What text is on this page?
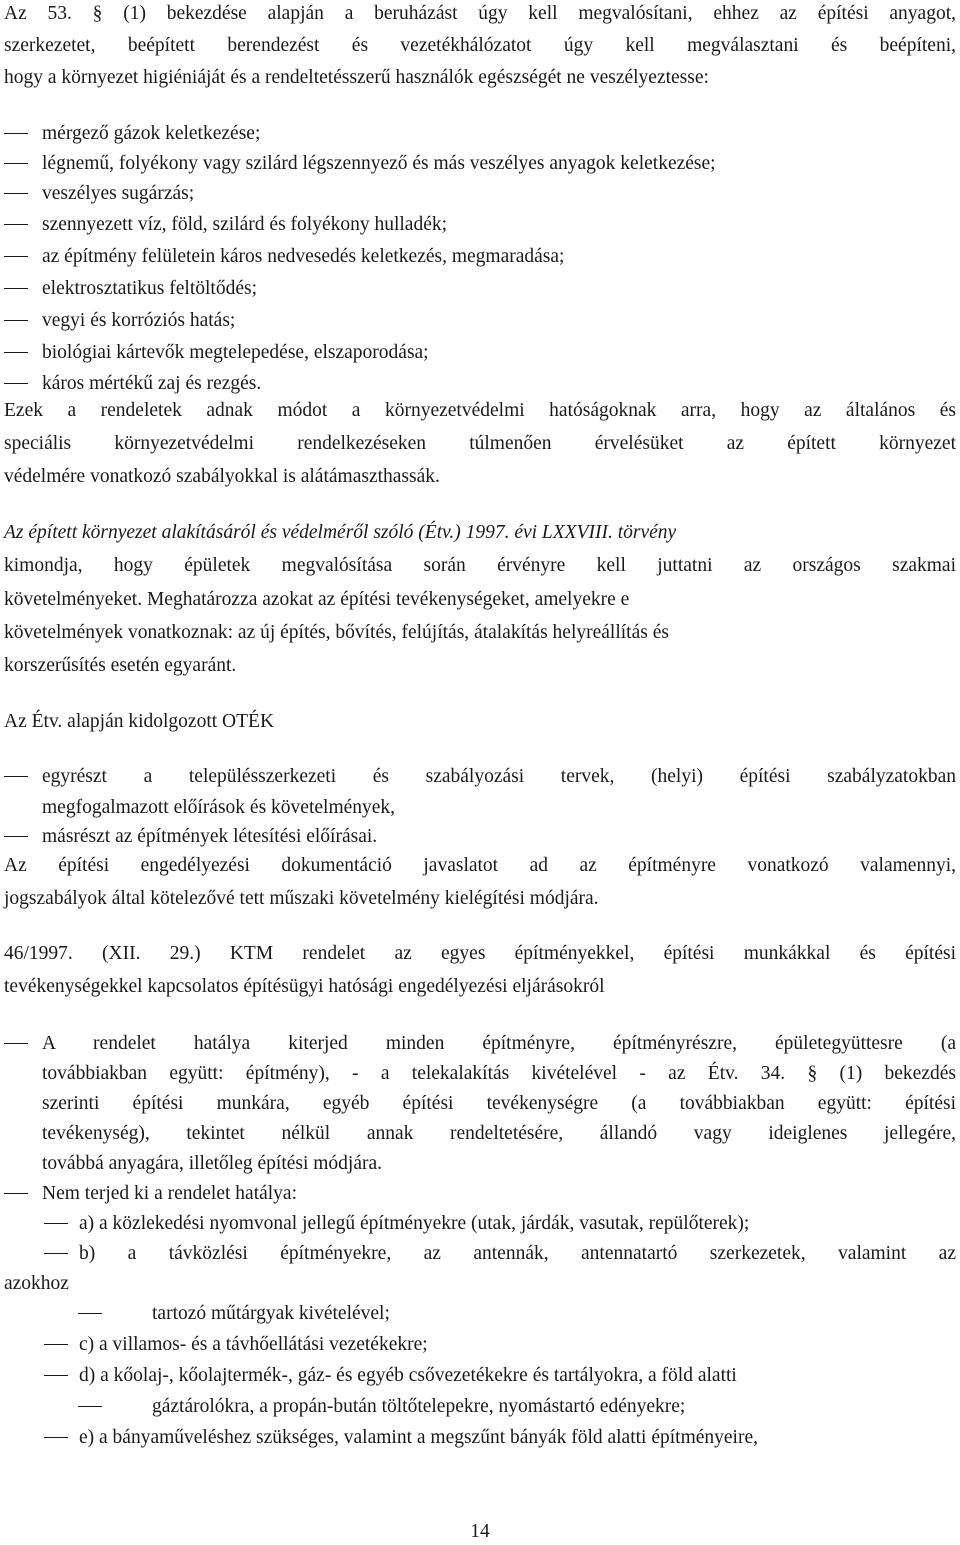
Az 53. § (1) bekezdése alapján a beruházást úgy kell megvalósítani, ehhez az építési anyagot,
szerkezetet, beépített berendezést és vezetékhálózatot úgy kell megválasztani és beépíteni,
hogy a környezet higiéniáját és a rendeltetésszerű használók egészségét ne veszélyeztesse:
mérgező gázok keletkezése;
légnemű, folyékony vagy szilárd légszennyező és más veszélyes anyagok keletkezése;
veszélyes sugárzás;
szennyezett víz, föld, szilárd és folyékony hulladék;
az építmény felületein káros nedvesedés keletkezés, megmaradása;
elektrosztatikus feltöltődés;
vegyi és korróziós hatás;
biológiai kártevők megtelepedése, elszaporodása;
káros mértékű zaj és rezgés.
Ezek a rendeletek adnak módot a környezetvédelmi hatóságoknak arra, hogy az általános és
speciális környezetvédelmi rendelkezéseken túlmenően érvelésüket az épített környezet
védelmére vonatkozó szabályokkal is alátámaszthassák.
Az épített környezet alakításáról és védelméről szóló (Étv.) 1997. évi LXXVIII. törvény
kimondja, hogy épületek megvalósítása során érvényre kell juttatni az országos szakmai
követelményeket. Meghatározza azokat az építési tevékenységeket, amelyekre e
követelmények vonatkoznak: az új építés, bővítés, felújítás, átalakítás helyreállítás és
korszerűsítés esetén egyaránt.
Az Étv. alapján kidolgozott OTÉK
egyrészt a településszerkezeti és szabályozási tervek, (helyi) építési szabályzatokban
megfogalmazott előírások és követelmények,
másrészt az építmények létesítési előírásai.
Az építési engedélyezési dokumentáció javaslatot ad az építményre vonatkozó valamennyi,
jogszabályok által kötelezővé tett műszaki követelmény kielégítési módjára.
46/1997. (XII. 29.) KTM rendelet az egyes építményekkel, építési munkákkal és építési
tevékenységekkel kapcsolatos építésügyi hatósági engedélyezési eljárásokról
A rendelet hatálya kiterjed minden építményre, építményrészre, épületegyüttesre (a
továbbiakban együtt: építmény), - a telekalakítás kivételével - az Étv. 34. § (1) bekezdés
szerinti építési munkára, egyéb építési tevékenységre (a továbbiakban együtt: építési
tevékenység), tekintet nélkül annak rendeltetésére, állandó vagy ideiglenes jellegére,
továbbá anyagára, illetőleg építési módjára.
Nem terjed ki a rendelet hatálya:
a) a közlekedési nyomvonal jellegű építményekre (utak, járdák, vasutak, repülőterek);
b) a távközlési építményekre, az antennák, antennatartó szerkezetek, valamint az
azokhoz
tartozó műtárgyak kivételével;
c) a villamos- és a távhőellátási vezetékekre;
d) a kőolaj-, kőolajtermék-, gáz- és egyéb csővezetékekre és tartályokra, a föld alatti
gáztárolókra, a propán-bután töltőtelepekre, nyomástartó edényekre;
e) a bányaműveléshez szükséges, valamint a megszűnt bányák föld alatti építményeire,
14
